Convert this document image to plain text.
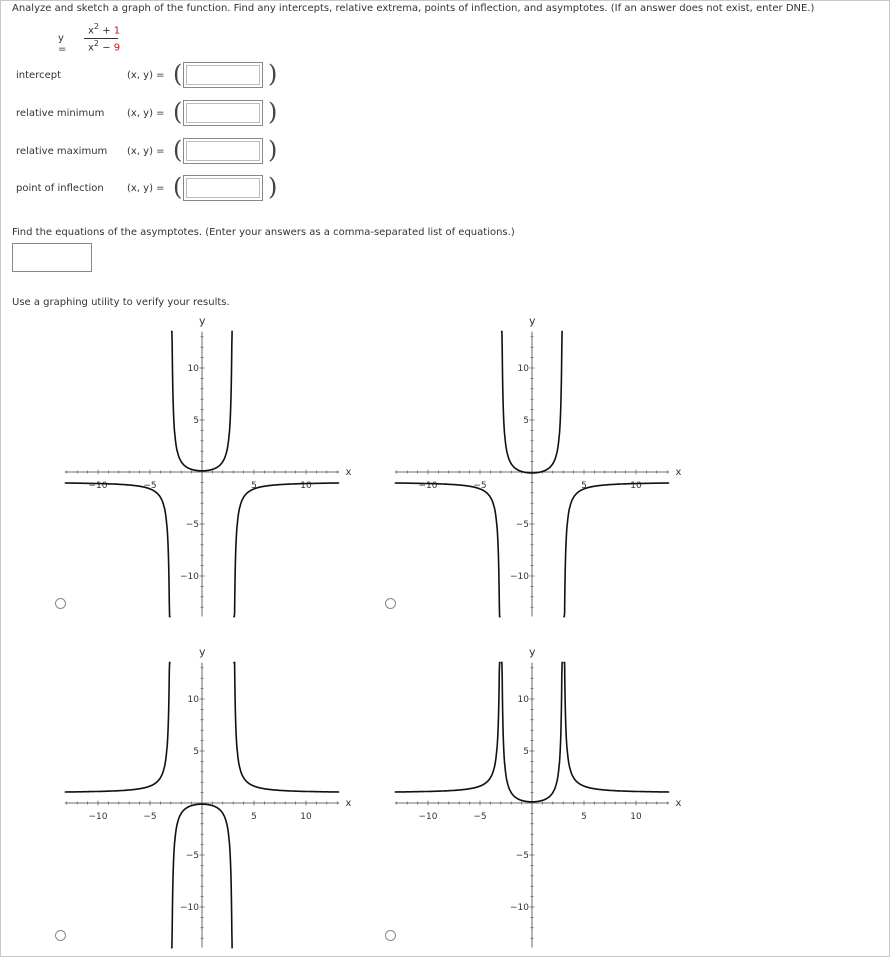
Analyze and sketch a graph of the function. Find any intercepts, relative extrema, points of inflection, and asymptotes. (If an answer does not exist, enter DNE.)
y =
$x^2 + 1$
$x^2 - 9$
intercept	(x, y) = (	)
relative minimum (x, y) = (	)
relative maximum (x, y) = (	)
point of inflection (x, y) = (	)
Find the equations of the asymptotes. (Enter your answers as a comma-separated list of equations.)
Use a graphing utility to verify your results.
x
y
−10	−5	5	10
10
5
−5
−10
x
y
−10	−5	5	10
10
5
−5
−10
x
y
−10	−5	5	10
10
5
−5
−10
x
y
−10	−5	5	10
10
5
−5
−10
